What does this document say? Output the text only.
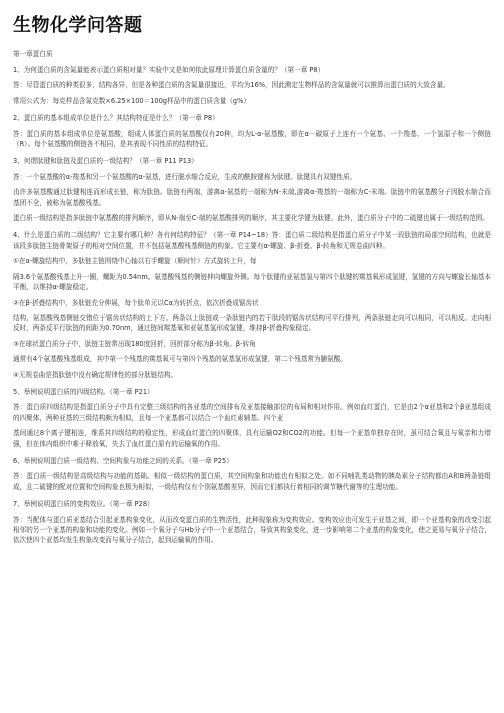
生物化学问答题

第一章蛋白质

1、为何蛋白质的含氮量能表示蛋白质相对量？实验中又是如何依此原理计算蛋白质含量的？（第一章 P8）

答：尽管蛋白质的种类很多，结构各异，但是各种蛋白质的含氮量很接近，平均为16%，因此测定生物样品的含氮量就可以推算出蛋白质的大致含量。

常用公式为：每克样品含氮克数×6.25×100＝100g样品中的蛋白质含量（g%）

2、蛋白质的基本组成单位是什么？其结构特征是什么？（第一章 P8）

答：蛋白质的基本组成单位是氨基酸，组成人体蛋白质的氨基酸仅有20种，均为L-α-氨基酸，即在α－碳原子上连有一个氨基、一个羧基、一个氢原子和一个侧链（R）。每个氨基酸的侧链各不相同，是其表现不同性质的结构特征。

3、何谓肽键和肽链及蛋白质的一级结构？（第一章 P11 P13）

答：一个氨基酸的α-羧基和另一个氨基酸的α-氨基，进行脱水缩合反应，生成的酰胺键称为肽键。肽键具有双键性质。

由许多氨基酸通过肽键相连而形成长链，称为肽链。肽链有两端，游离α-氨基的一端称为N-末端,游离α-羧基的一端称为C-末端。肽链中的氨基酸分子因脱水缩合而基团不全，被称为氨基酸残基。

蛋白质一级结构是指多肽链中氨基酸的排列顺序，即从N-端至C-端的氨基酸排列的顺序，其主要化学键为肽键。此外，蛋白质分子中的二硫键也属于一级结构范围。

4、什么是蛋白质的二级结构？它主要有哪几种？各有何结构特征？（第一章 P14~18）答：蛋白质二级结构是指蛋白质分子中某一段肽链的局部空间结构，也就是该段多肽链主链骨架原子的相对空间位置，并不包括氨基酸残基侧链的构象。它主要有α-螺旋、β-折叠、β-转角和无规卷曲四种。

①在α-螺旋结构中，多肽链主链围绕中心轴以右手螺旋（顺时针）方式旋转上升，每

隔3.6个氨基酸残基上升一圈，螺距为0.54nm。氨基酸残基的侧链伸向螺旋外侧。每个肽键的亚氨基氢与第四个肽键的羰基氧形成氢键，氢键的方向与螺旋长轴基本平衡，以维持α-螺旋稳定。

②在β-折叠结构中，多肽链充分伸展，每个肽单元以Cα为转折点，依次折叠成锯齿状

结构，氨基酸残基侧链交错位于锯齿状结构的上下方。两条以上肽链或一条肽链内的若干肽段的锯齿状结构可平行排列，两条肽链走向可以相同，可以相反。走向相反时，两条反平行肽链的间距为0.70nm，通过链间羰基氧和亚氨基氢形成氢键，维持β-折叠构象稳定。

③在球状蛋白质分子中，肽链主链常出现180度回折，回折部分称为β-转角。β-转角

通常有4个氨基酸残基组成，其中第一个残基的羰基氧可与第四个残基的氨基氢形成氢键，第二个残基常为脯氨酸。

④无规卷曲是指肽链中没有确定规律性的部分肽链结构。

5、举例说明蛋白质的四级结构。（第一章 P21）

答：蛋白质四级结构是指蛋白质分子中具有完整三级结构的各亚基的空间排布及亚基接触部位的布局和相对作用。例如血红蛋白，它是由2个α亚基和2个β亚基组成的四聚体，两种亚基的三级结构颇为相似，且每一个亚基都可以结合一个血红素辅基。四个亚

基间通过8个离子键相连，维系其四级结构的稳定性，形成血红蛋白的四聚体，具有运输O2和CO2的功能。但每一个亚基单独存在时，虽可结合氧且与氧亲和力增强，但在体内组织中难于释放氧，失去了血红蛋白原有的运输氧的作用。

6、举例说明蛋白质一级结构、空间构象与功能之间的关系。（第一章 P25）

答：蛋白质一级结构是高级结构与功能的基础。相似一级结构的蛋白质，其空间构象和功能也有相似之处。如不同哺乳类动物的胰岛素分子结构都由A和B两条链组成，且二硫键的配对位置和空间构象也极为相似，一级结构仅有个别氨基酸差异，因而它们都执行着相同的调节糖代谢等的生理功能。

7、举例说明蛋白质的变构效应。（第一章 P28）

答：当配体与蛋白质亚基结合引起亚基构象变化，从而改变蛋白质的生物活性，此种现象称为变构效应。变构效应也可发生于亚基之间，即一个亚基构象的改变引起相邻的另一个亚基的构象和功能的变化。例如一个氧分子与Hb分子中一个亚基结合，导致其构象变化，进一步影响第二个亚基的构象变化，使之更易与氧分子结合，依次使四个亚基均发生构象改变而与氧分子结合，起到运输氧的作用。
